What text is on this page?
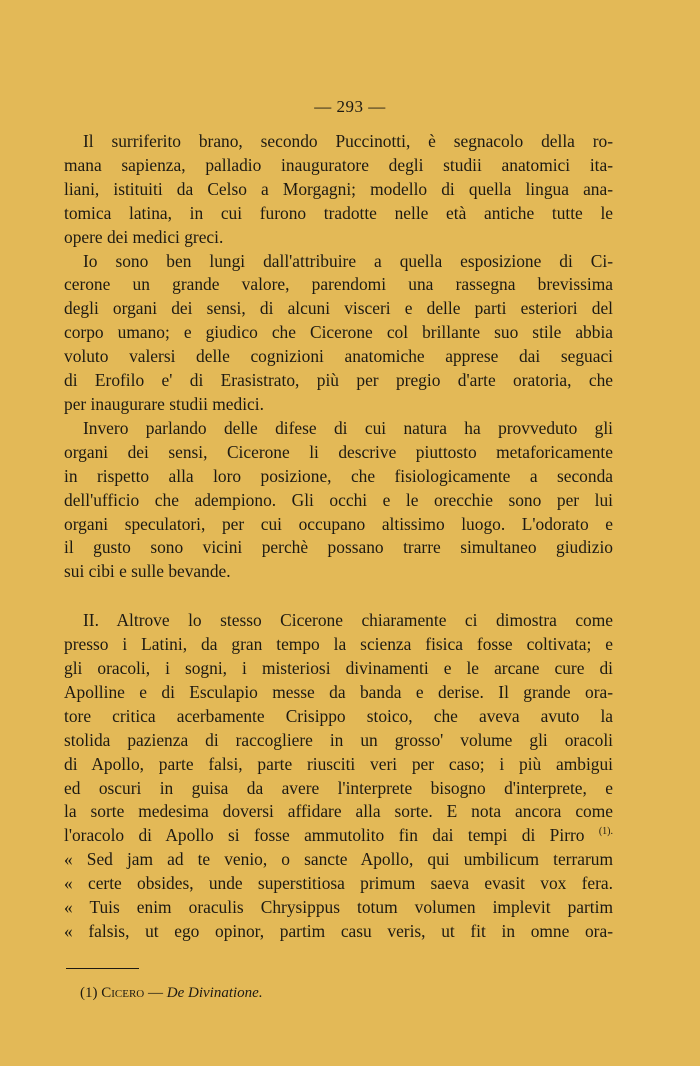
— 293 —
Il surriferito brano, secondo Puccinotti, è segnacolo della ro-
mana sapienza, palladio inauguratore degli studii anatomici ita-
liani, istituiti da Celso a Morgagni; modello di quella lingua ana-
tomica latina, in cui furono tradotte nelle età antiche tutte le
opere dei medici greci.
Io sono ben lungi dall'attribuire a quella esposizione di Ci-
cerone un grande valore, parendomi una rassegna brevissima
degli organi dei sensi, di alcuni visceri e delle parti esteriori del
corpo umano; e giudico che Cicerone col brillante suo stile abbia
voluto valersi delle cognizioni anatomiche apprese dai seguaci
di Erofilo e' di Erasistrato, più per pregio d'arte oratoria, che
per inaugurare studii medici.
Invero parlando delle difese di cui natura ha provveduto gli
organi dei sensi, Cicerone li descrive piuttosto metaforicamente
in rispetto alla loro posizione, che fisiologicamente a seconda
dell'ufficio che adempiono. Gli occhi e le orecchie sono per lui
organi speculatori, per cui occupano altissimo luogo. L'odorato e
il gusto sono vicini perchè possano trarre simultaneo giudizio
sui cibi e sulle bevande.
II. Altrove lo stesso Cicerone chiaramente ci dimostra come
presso i Latini, da gran tempo la scienza fisica fosse coltivata; e
gli oracoli, i sogni, i misteriosi divinamenti e le arcane cure di
Apolline e di Esculapio messe da banda e derise. Il grande ora-
tore critica acerbamente Crisippo stoico, che aveva avuto la
stolida pazienza di raccogliere in un grosso' volume gli oracoli
di Apollo, parte falsi, parte riusciti veri per caso; i più ambigui
ed oscuri in guisa da avere l'interprete bisogno d'interprete, e
la sorte medesima doversi affidare alla sorte. E nota ancora come
l'oracolo di Apollo si fosse ammutolito fin dai tempi di Pirro $^{(1).}$
« Sed jam ad te venio, o sancte Apollo, qui umbilicum terrarum
« certe obsides, unde superstitiosa primum saeva evasit vox fera.
« Tuis enim oraculis Chrysippus totum volumen implevit partim
« falsis, ut ego opinor, partim casu veris, ut fit in omne ora-
(1) Cicero — De Divinatione.
